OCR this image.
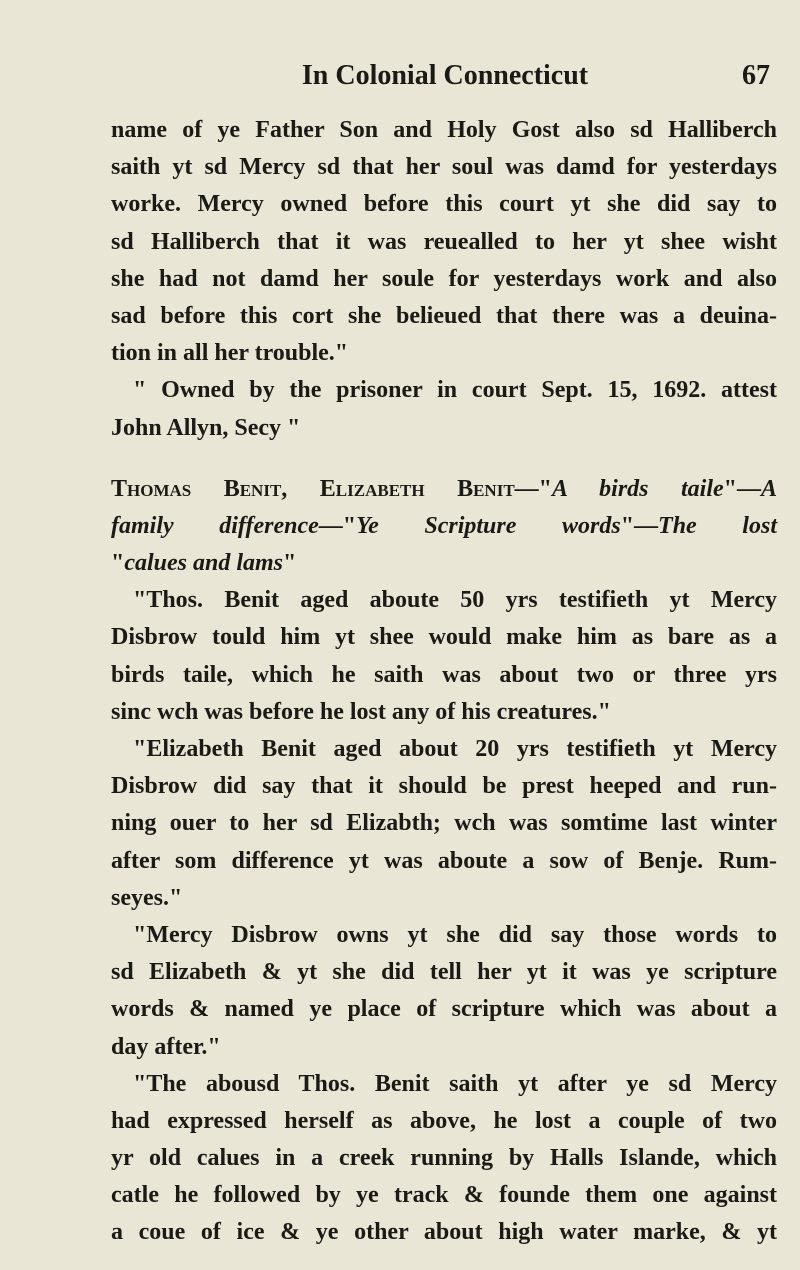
In Colonial Connecticut	67
name of ye Father Son and Holy Gost also sd Halliberch
saith yt sd Mercy sd that her soul was damd for yesterdays
worke. Mercy owned before this court yt she did say to
sd Halliberch that it was reuealled to her yt shee wisht
she had not damd her soule for yesterdays work and also
sad before this cort she belieued that there was a deuina-
tion in all her trouble."
" Owned by the prisoner in court Sept. 15, 1692. attest
John Allyn, Secy "
Thomas Benit, Elizabeth Benit—"A birds taile"—A
family difference—"Ye Scripture words"—The lost
"calues and lams"
"Thos. Benit aged aboute 50 yrs testifieth yt Mercy
Disbrow tould him yt shee would make him as bare as a
birds taile, which he saith was about two or three yrs
sinc wch was before he lost any of his creatures."
"Elizabeth Benit aged about 20 yrs testifieth yt Mercy
Disbrow did say that it should be prest heeped and run-
ning ouer to her sd Elizabth; wch was somtime last winter
after som difference yt was aboute a sow of Benje. Rum-
seyes."
"Mercy Disbrow owns yt she did say those words to
sd Elizabeth & yt she did tell her yt it was ye scripture
words & named ye place of scripture which was about a
day after."
"The abousd Thos. Benit saith yt after ye sd Mercy
had expressed herself as above, he lost a couple of two
yr old calues in a creek running by Halls Islande, which
catle he followed by ye track & founde them one against
a coue of ice & ye other about high water marke, & yt
